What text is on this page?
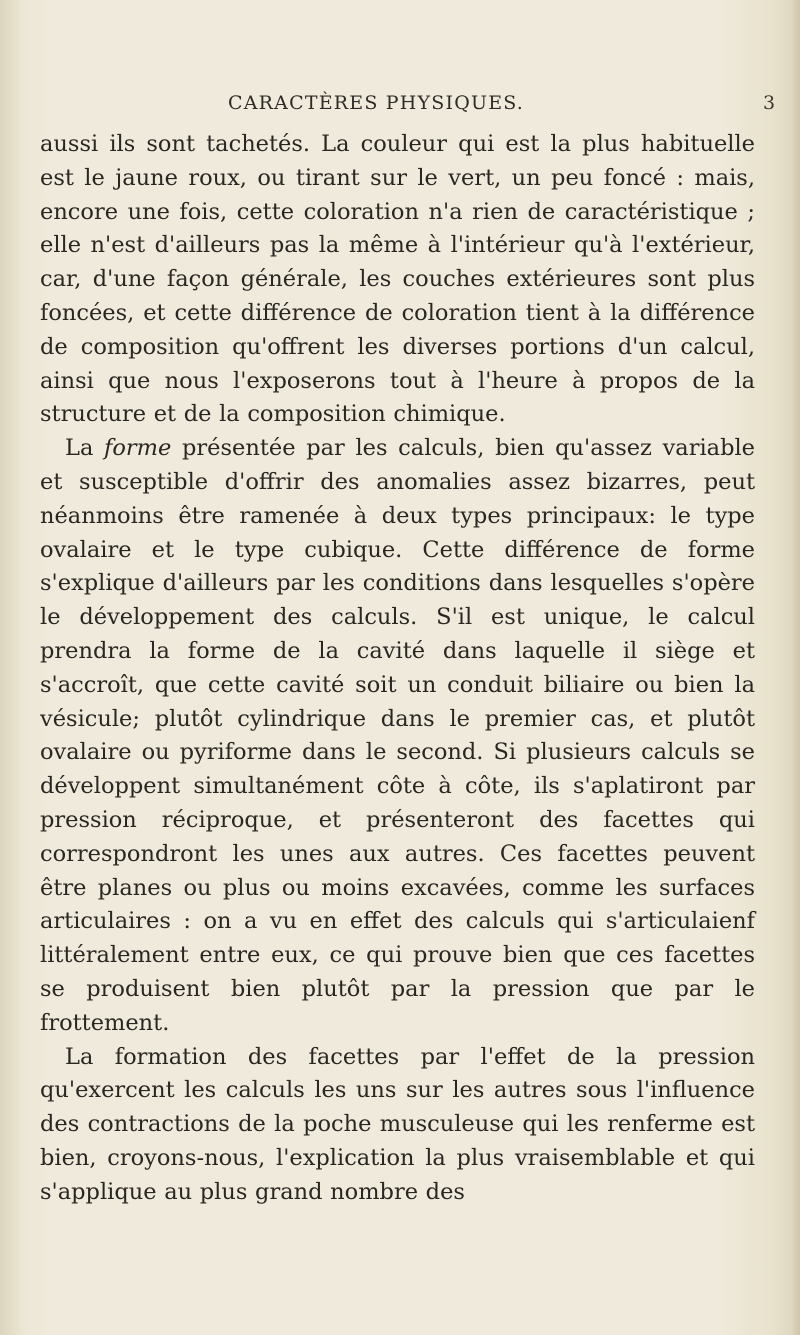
CARACTÈRES PHYSIQUES.	3

aussi ils sont tachetés. La couleur qui est la plus habituelle est le jaune roux, ou tirant sur le vert, un peu foncé : mais, encore une fois, cette coloration n'a rien de caractéristique ; elle n'est d'ailleurs pas la même à l'intérieur qu'à l'extérieur, car, d'une façon générale, les couches extérieures sont plus foncées, et cette différence de coloration tient à la différence de composition qu'offrent les diverses portions d'un calcul, ainsi que nous l'exposerons tout à l'heure à propos de la structure et de la composition chimique.

La forme présentée par les calculs, bien qu'assez variable et susceptible d'offrir des anomalies assez bizarres, peut néanmoins être ramenée à deux types principaux: le type ovalaire et le type cubique. Cette différence de forme s'explique d'ailleurs par les conditions dans lesquelles s'opère le développement des calculs. S'il est unique, le calcul prendra la forme de la cavité dans laquelle il siège et s'accroît, que cette cavité soit un conduit biliaire ou bien la vésicule; plutôt cylindrique dans le premier cas, et plutôt ovalaire ou pyriforme dans le second. Si plusieurs calculs se développent simultanément côte à côte, ils s'aplatiront par pression réciproque, et présenteront des facettes qui correspondront les unes aux autres. Ces facettes peuvent être planes ou plus ou moins excavées, comme les surfaces articulaires : on a vu en effet des calculs qui s'articulaienf littéralement entre eux, ce qui prouve bien que ces facettes se produisent bien plutôt par la pression que par le frottement.

La formation des facettes par l'effet de la pression qu'exercent les calculs les uns sur les autres sous l'influence des contractions de la poche musculeuse qui les renferme est bien, croyons-nous, l'explication la plus vraisemblable et qui s'applique au plus grand nombre des
